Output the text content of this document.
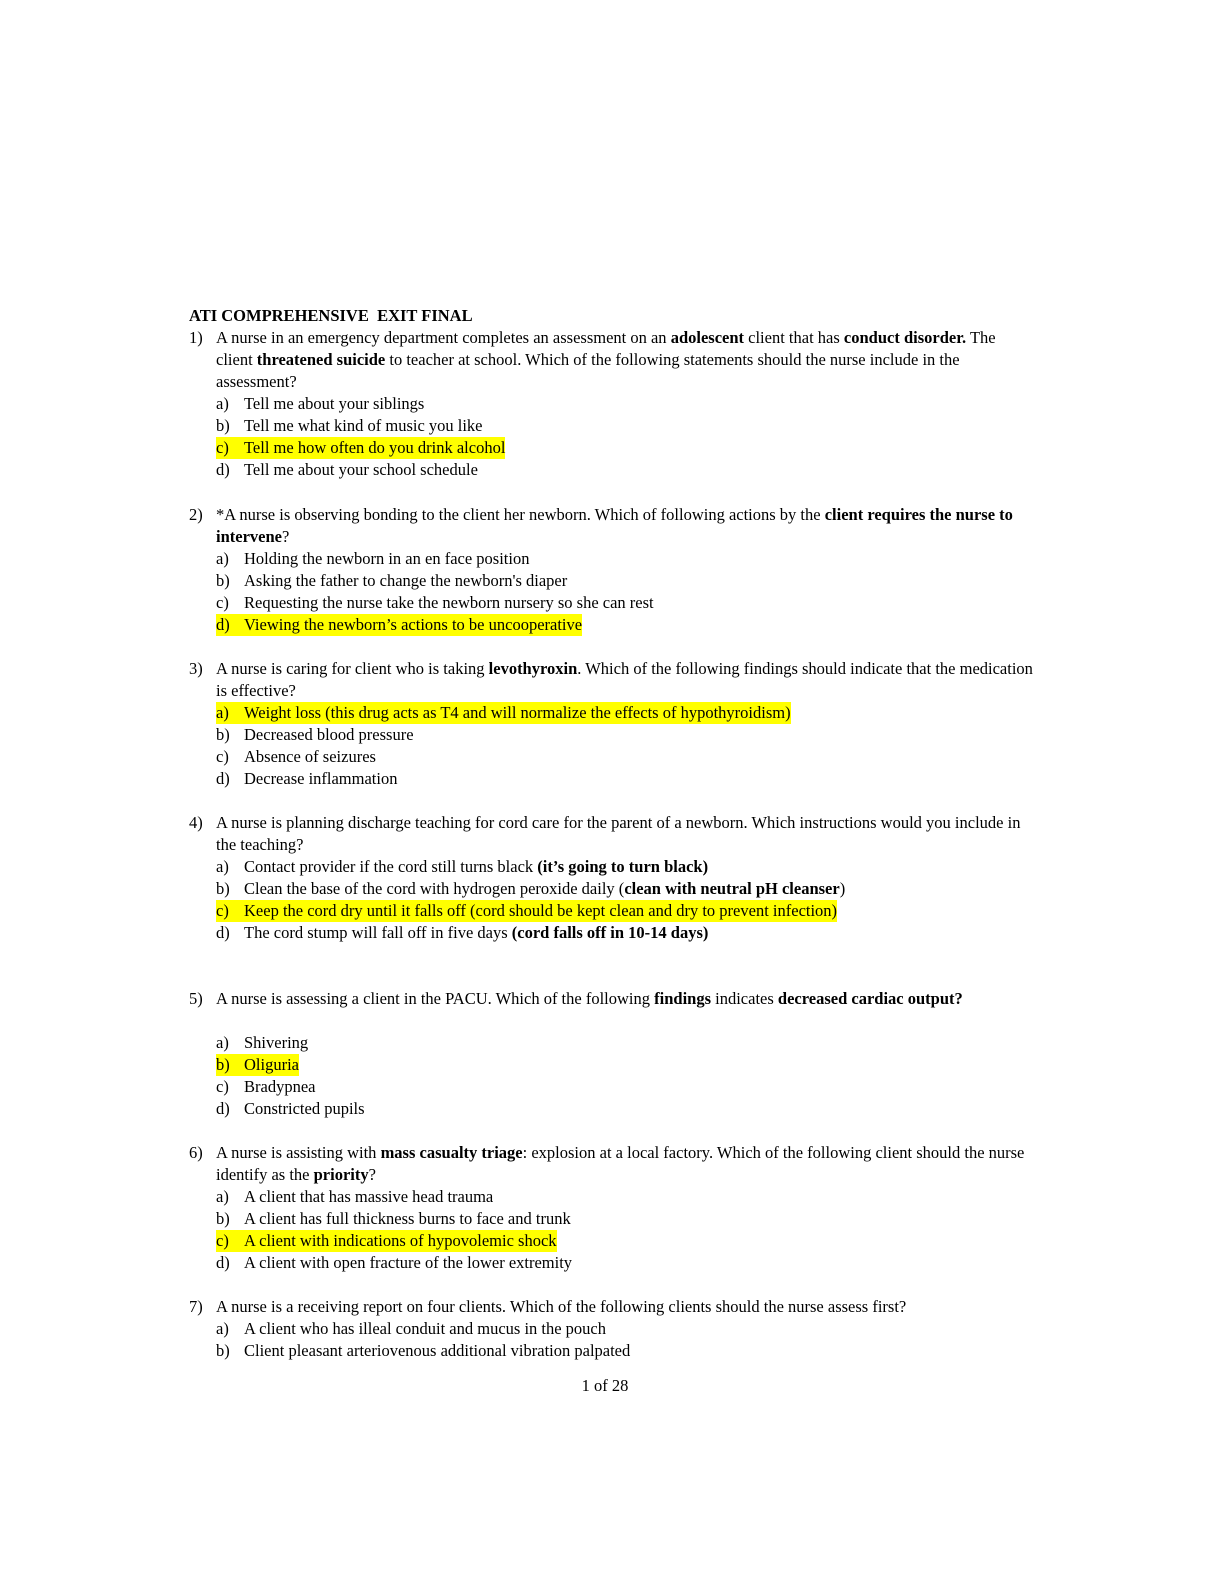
ATI COMPREHENSIVE  EXIT FINAL
1) A nurse in an emergency department completes an assessment on an adolescent client that has conduct disorder. The client threatened suicide to teacher at school. Which of the following statements should the nurse include in the assessment?
a) Tell me about your siblings
b) Tell me what kind of music you like
c) Tell me how often do you drink alcohol
d) Tell me about your school schedule
2) *A nurse is observing bonding to the client her newborn. Which of following actions by the client requires the nurse to intervene?
a) Holding the newborn in an en face position
b) Asking the father to change the newborn's diaper
c) Requesting the nurse take the newborn nursery so she can rest
d) Viewing the newborn’s actions to be uncooperative
3) A nurse is caring for client who is taking levothyroxin. Which of the following findings should indicate that the medication is effective?
a) Weight loss (this drug acts as T4 and will normalize the effects of hypothyroidism)
b) Decreased blood pressure
c) Absence of seizures
d) Decrease inflammation
4) A nurse is planning discharge teaching for cord care for the parent of a newborn. Which instructions would you include in the teaching?
a) Contact provider if the cord still turns black (it’s going to turn black)
b) Clean the base of the cord with hydrogen peroxide daily (clean with neutral pH cleanser)
c) Keep the cord dry until it falls off (cord should be kept clean and dry to prevent infection)
d) The cord stump will fall off in five days (cord falls off in 10-14 days)
5) A nurse is assessing a client in the PACU. Which of the following findings indicates decreased cardiac output?
a) Shivering
b) Oliguria
c) Bradypnea
d) Constricted pupils
6) A nurse is assisting with mass casualty triage: explosion at a local factory. Which of the following client should the nurse identify as the priority?
a) A client that has massive head trauma
b) A client has full thickness burns to face and trunk
c) A client with indications of hypovolemic shock
d) A client with open fracture of the lower extremity
7) A nurse is a receiving report on four clients. Which of the following clients should the nurse assess first?
a) A client who has illeal conduit and mucus in the pouch
b) Client pleasant arteriovenous additional vibration palpated
1 of 28
